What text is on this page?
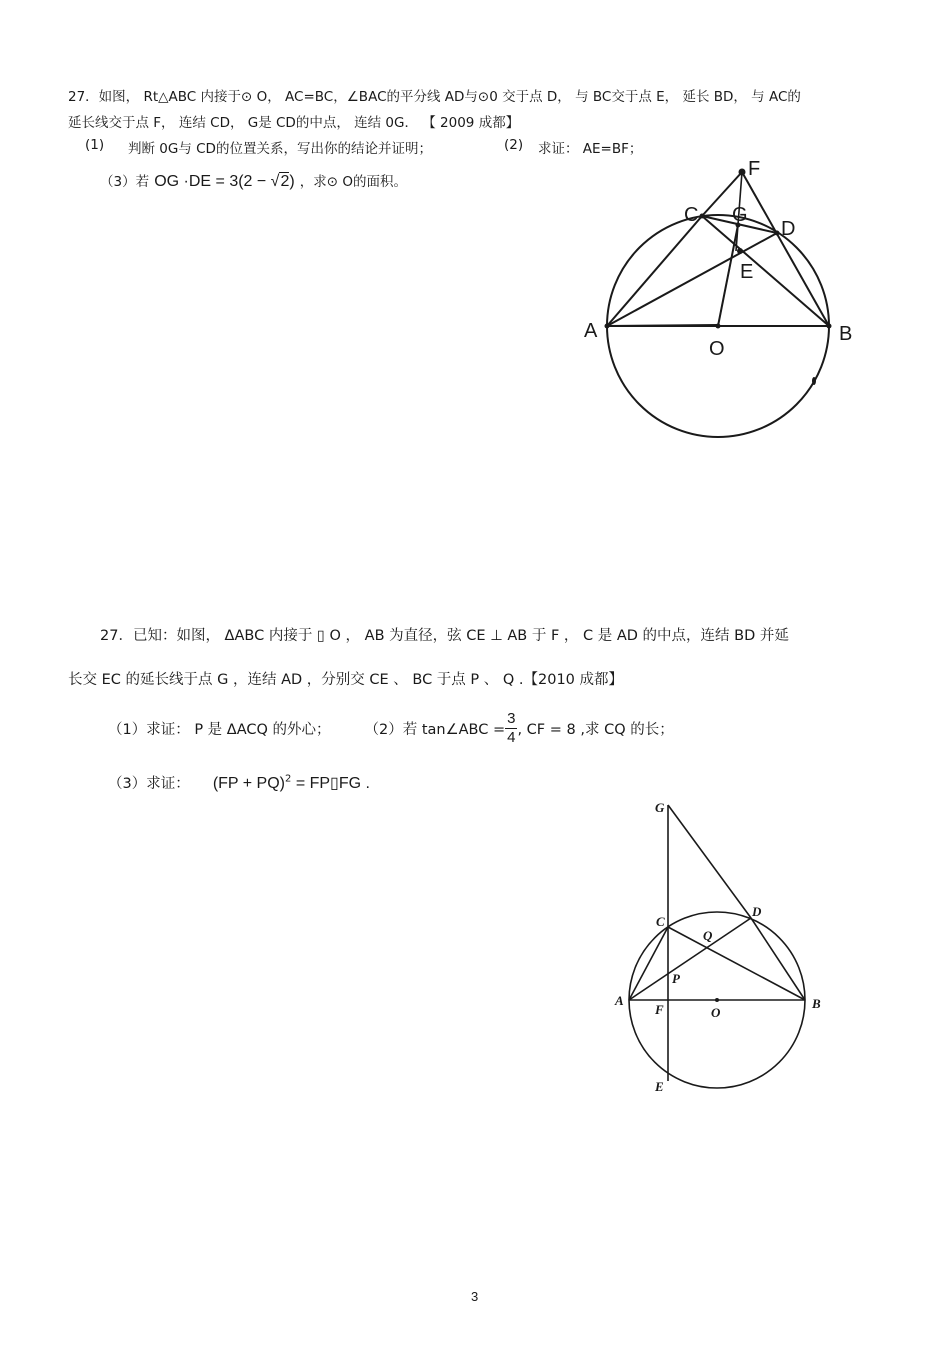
27．如图， Rt△ABC 内接于⊙ O， AC=BC，∠BAC的平分线 AD与⊙0 交于点 D， 与 BC交于点 E， 延长 BD， 与 AC的
延长线交于点 F， 连结 CD， G是 CD的中点， 连结 0G． 【 2009 成都】
(1) 判断 0G与 CD的位置关系，写出你的结论并证明；	(2) 求证： AE=BF；
（3）若 OG ·DE = 3(2 − √2) ，求⊙ O的面积。
F
C G
D
E
A	B
O
27．已知：如图， ΔABC 内接于 ▯ O ， AB 为直径，弦 CE ⊥ AB 于 F ， C 是 AD 的中点，连结 BD 并延
长交 EC 的延长线于点 G ，连结 AD ，分别交 CE 、 BC 于点 P 、 Q .【2010 成都】
（1）求证： P 是 ΔACQ 的外心； （2）若 tan∠ABC = $\frac{3}{4}$ , CF = 8 ,求 CQ 的长；
（3）求证： (FP + PQ)$^2$ = FP▯FG .
G
C
D
Q
P
A
F	O
B
E
3
